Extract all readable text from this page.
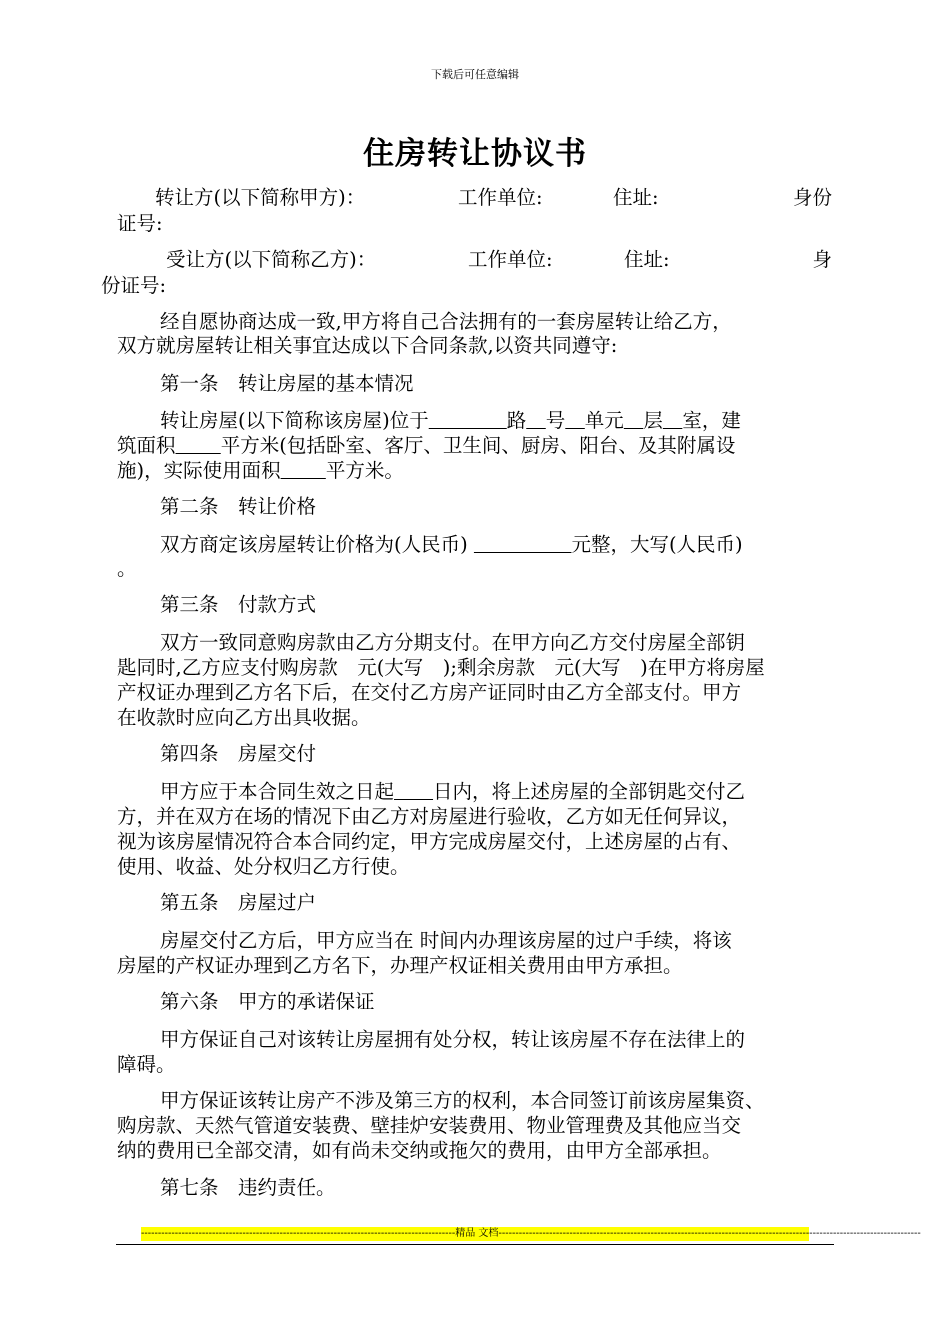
下载后可任意编辑
住房转让协议书
转让方(以下简称甲方)：	工作单位:	住址:	身份
证号:
受让方(以下简称乙方)：	工作单位:	住址:	身
份证号:
经自愿协商达成一致,甲方将自己合法拥有的一套房屋转让给乙方，
双方就房屋转让相关事宜达成以下合同条款,以资共同遵守:
第一条　转让房屋的基本情况
转让房屋(以下简称该房屋)位于　　　　	路　 号　 单元　 层　 室，建
筑面积　　 平方米(包括卧室、客厅、卫生间、厨房、阳台、及其附属设
施)，实际使用面积　　 平方米。
第二条　转让价格
双方商定该房屋转让价格为(人民币) 　　　　　	元整，大写(人民币)
。
第三条　付款方式
双方一致同意购房款由乙方分期支付。在甲方向乙方交付房屋全部钥
匙同时,乙方应支付购房款　元(大写　);剩余房款　元(大写　)在甲方将房屋
产权证办理到乙方名下后，在交付乙方房产证同时由乙方全部支付。甲方
在收款时应向乙方出具收据。
第四条　房屋交付
甲方应于本合同生效之日起　　 日内，将上述房屋的全部钥匙交付乙
方，并在双方在场的情况下由乙方对房屋进行验收，乙方如无任何异议，
视为该房屋情况符合本合同约定，甲方完成房屋交付，上述房屋的占有、
使用、收益、处分权归乙方行使。
第五条　房屋过户
房屋交付乙方后，甲方应当在 时间内办理该房屋的过户手续，将该
房屋的产权证办理到乙方名下，办理产权证相关费用由甲方承担。
第六条　甲方的承诺保证
甲方保证自己对该转让房屋拥有处分权，转让该房屋不存在法律上的
障碍。
甲方保证该转让房产不涉及第三方的权利，本合同签订前该房屋集资、
购房款、天然气管道安装费、壁挂炉安装费用、物业管理费及其他应当交
纳的费用已全部交清，如有尚未交纳或拖欠的费用，由甲方全部承担。
第七条　违约责任。
---------------------------------------------------------------------------------------------精品 文档-----------------------------------------------------------------------------------------------------------------------------
